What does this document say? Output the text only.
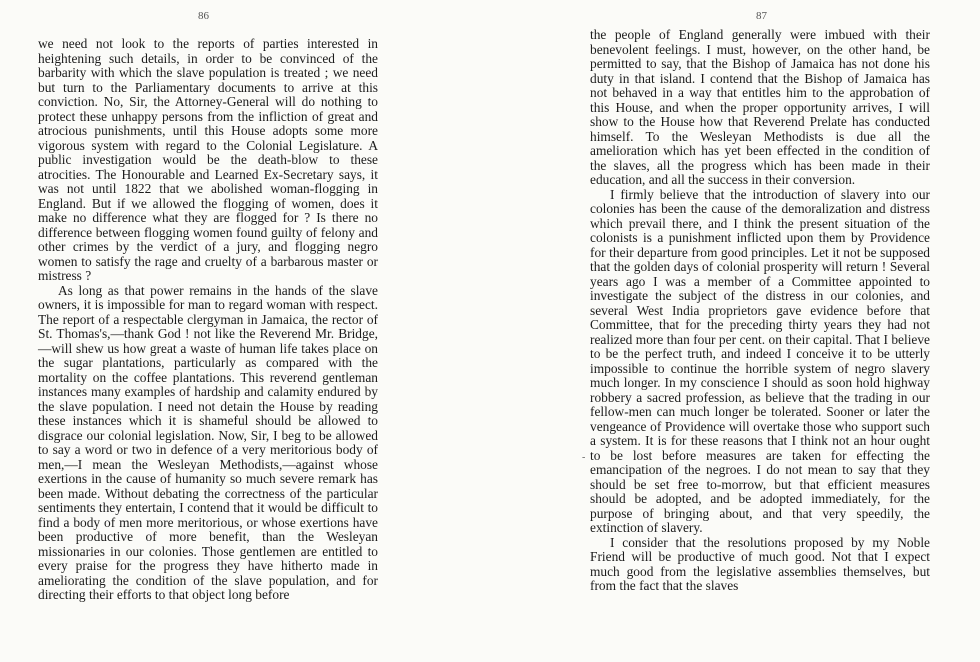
86

we need not look to the reports of parties interested in heightening such details, in order to be convinced of the barbarity with which the slave population is treated ; we need but turn to the Parliamentary documents to arrive at this conviction. No, Sir, the Attorney-General will do nothing to protect these unhappy persons from the infliction of great and atrocious punishments, until this House adopts some more vigorous system with regard to the Colonial Legislature. A public investigation would be the death-blow to these atrocities. The Honourable and Learned Ex-Secretary says, it was not until 1822 that we abolished woman-flogging in England. But if we allowed the flogging of women, does it make no difference what they are flogged for ? Is there no difference between flogging women found guilty of felony and other crimes by the verdict of a jury, and flogging negro women to satisfy the rage and cruelty of a barbarous master or mistress ?

As long as that power remains in the hands of the slave owners, it is impossible for man to regard woman with respect. The report of a respectable clergyman in Jamaica, the rector of St. Thomas's,—thank God ! not like the Reverend Mr. Bridge,—will shew us how great a waste of human life takes place on the sugar plantations, particularly as compared with the mortality on the coffee plantations. This reverend gentleman instances many examples of hardship and calamity endured by the slave population. I need not detain the House by reading these instances which it is shameful should be allowed to disgrace our colonial legislation. Now, Sir, I beg to be allowed to say a word or two in defence of a very meritorious body of men,—I mean the Wesleyan Methodists,—against whose exertions in the cause of humanity so much severe remark has been made. Without debating the correctness of the particular sentiments they entertain, I contend that it would be difficult to find a body of men more meritorious, or whose exertions have been productive of more benefit, than the Wesleyan missionaries in our colonies. Those gentlemen are entitled to every praise for the progress they have hitherto made in ameliorating the condition of the slave population, and for directing their efforts to that object long before

87
-

the people of England generally were imbued with their benevolent feelings. I must, however, on the other hand, be permitted to say, that the Bishop of Jamaica has not done his duty in that island. I contend that the Bishop of Jamaica has not behaved in a way that entitles him to the approbation of this House, and when the proper opportunity arrives, I will show to the House how that Reverend Prelate has conducted himself. To the Wesleyan Methodists is due all the amelioration which has yet been effected in the condition of the slaves, all the progress which has been made in their education, and all the success in their conversion.

I firmly believe that the introduction of slavery into our colonies has been the cause of the demoralization and distress which prevail there, and I think the present situation of the colonists is a punishment inflicted upon them by Providence for their departure from good principles. Let it not be supposed that the golden days of colonial prosperity will return ! Several years ago I was a member of a Committee appointed to investigate the subject of the distress in our colonies, and several West India proprietors gave evidence before that Committee, that for the preceding thirty years they had not realized more than four per cent. on their capital. That I believe to be the perfect truth, and indeed I conceive it to be utterly impossible to continue the horrible system of negro slavery much longer. In my conscience I should as soon hold highway robbery a sacred profession, as believe that the trading in our fellow-men can much longer be tolerated. Sooner or later the vengeance of Providence will overtake those who support such a system. It is for these reasons that I think not an hour ought to be lost before measures are taken for effecting the emancipation of the negroes. I do not mean to say that they should be set free to-morrow, but that efficient measures should be adopted, and be adopted immediately, for the purpose of bringing about, and that very speedily, the extinction of slavery.

I consider that the resolutions proposed by my Noble Friend will be productive of much good. Not that I expect much good from the legislative assemblies themselves, but from the fact that the slaves
